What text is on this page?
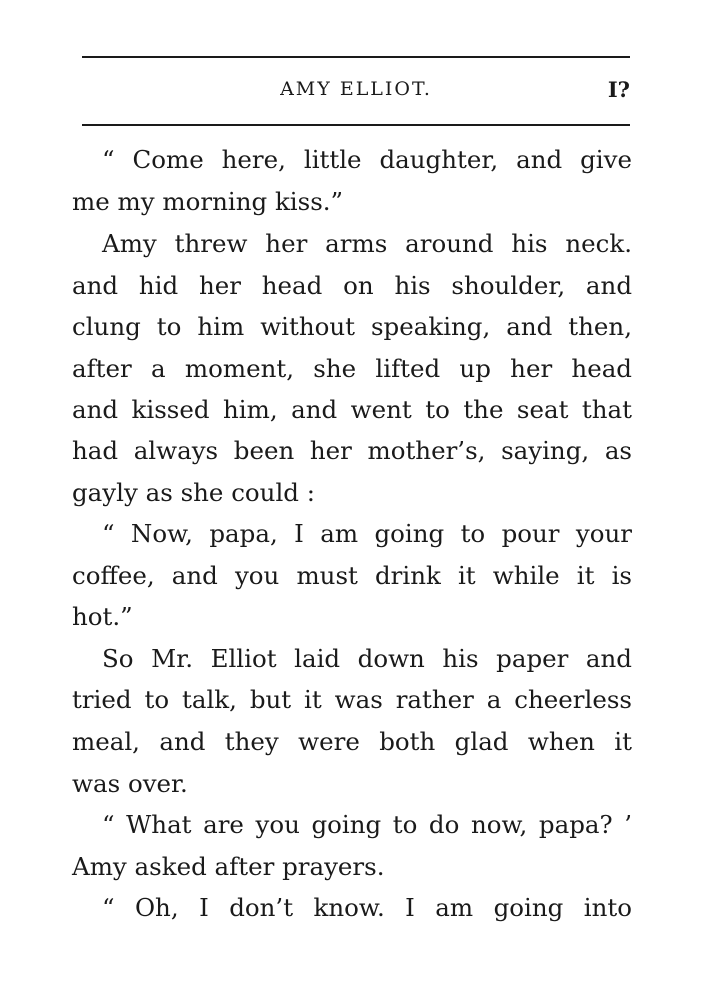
AMY ELLIOT.	I?
“ Come here, little daughter, and give
me my morning kiss.”
Amy threw her arms around his neck.
and hid her head on his shoulder, and
clung to him without speaking, and then,
after a moment, she lifted up her head
and kissed him, and went to the seat that
had always been her mother’s, saying, as
gayly as she could :
“ Now, papa, I am going to pour your
coffee, and you must drink it while it is
hot.”
So Mr. Elliot laid down his paper and
tried to talk, but it was rather a cheerless
meal, and they were both glad when it
was over.
“ What are you going to do now, papa? ’
Amy asked after prayers.
“ Oh, I don’t know. I am going into
